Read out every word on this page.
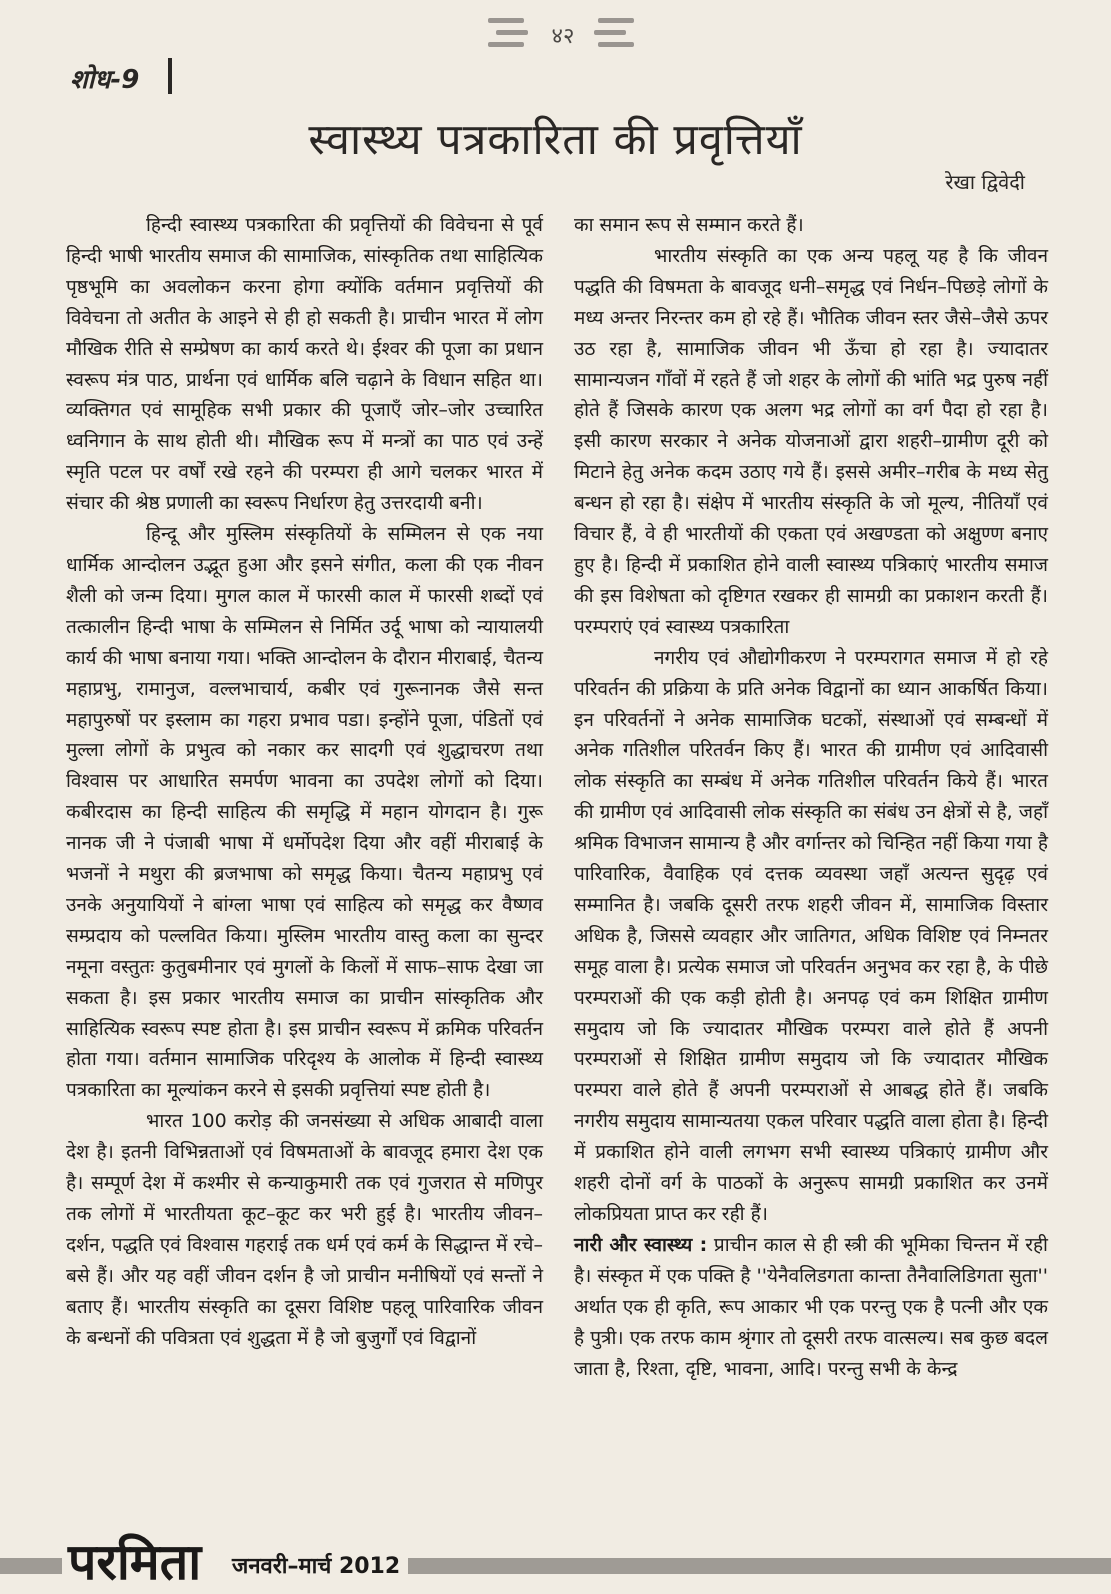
४२
शोध-9
स्वास्थ्य पत्रकारिता की प्रवृत्तियाँ
रेखा द्विवेदी

हिन्दी स्वास्थ्य पत्रकारिता की प्रवृत्तियों की विवेचना से पूर्व हिन्दी भाषी भारतीय समाज की सामाजिक, सांस्कृतिक तथा साहित्यिक पृष्ठभूमि का अवलोकन करना होगा क्योंकि वर्तमान प्रवृत्तियों की विवेचना तो अतीत के आइने से ही हो सकती है। प्राचीन भारत में लोग मौखिक रीति से सम्प्रेषण का कार्य करते थे। ईश्वर की पूजा का प्रधान स्वरूप मंत्र पाठ, प्रार्थना एवं धार्मिक बलि चढ़ाने के विधान सहित था। व्यक्तिगत एवं सामूहिक सभी प्रकार की पूजाएँ जोर–जोर उच्चारित ध्वनिगान के साथ होती थी। मौखिक रूप में मन्त्रों का पाठ एवं उन्हें स्मृति पटल पर वर्षों रखे रहने की परम्परा ही आगे चलकर भारत में संचार की श्रेष्ठ प्रणाली का स्वरूप निर्धारण हेतु उत्तरदायी बनी।

हिन्दू और मुस्लिम संस्कृतियों के सम्मिलन से एक नया धार्मिक आन्दोलन उद्भूत हुआ और इसने संगीत, कला की एक नीवन शैली को जन्म दिया। मुगल काल में फारसी काल में फारसी शब्दों एवं तत्कालीन हिन्दी भाषा के सम्मिलन से निर्मित उर्दू भाषा को न्यायालयी कार्य की भाषा बनाया गया। भक्ति आन्दोलन के दौरान मीराबाई, चैतन्य महाप्रभु, रामानुज, वल्लभाचार्य, कबीर एवं गुरूनानक जैसे सन्त महापुरुषों पर इस्लाम का गहरा प्रभाव पडा। इन्होंने पूजा, पंडितों एवं मुल्ला लोगों के प्रभुत्व को नकार कर सादगी एवं शुद्धाचरण तथा विश्वास पर आधारित समर्पण भावना का उपदेश लोगों को दिया। कबीरदास का हिन्दी साहित्य की समृद्धि में महान योगदान है। गुरू नानक जी ने पंजाबी भाषा में धर्मोपदेश दिया और वहीं मीराबाई के भजनों ने मथुरा की ब्रजभाषा को समृद्ध किया। चैतन्य महाप्रभु एवं उनके अनुयायियों ने बांग्ला भाषा एवं साहित्य को समृद्ध कर वैष्णव सम्प्रदाय को पल्लवित किया। मुस्लिम भारतीय वास्तु कला का सुन्दर नमूना वस्तुतः कुतुबमीनार एवं मुगलों के किलों में साफ–साफ देखा जा सकता है। इस प्रकार भारतीय समाज का प्राचीन सांस्कृतिक और साहित्यिक स्वरूप स्पष्ट होता है। इस प्राचीन स्वरूप में क्रमिक परिवर्तन होता गया। वर्तमान सामाजिक परिदृश्य के आलोक में हिन्दी स्वास्थ्य पत्रकारिता का मूल्यांकन करने से इसकी प्रवृत्तियां स्पष्ट होती है।

भारत 100 करोड़ की जनसंख्या से अधिक आबादी वाला देश है। इतनी विभिन्नताओं एवं विषमताओं के बावजूद हमारा देश एक है। सम्पूर्ण देश में कश्मीर से कन्याकुमारी तक एवं गुजरात से मणिपुर तक लोगों में भारतीयता कूट–कूट कर भरी हुई है। भारतीय जीवन–दर्शन, पद्धति एवं विश्वास गहराई तक धर्म एवं कर्म के सिद्धान्त में रचे–बसे हैं। और यह वहीं जीवन दर्शन है जो प्राचीन मनीषियों एवं सन्तों ने बताए हैं। भारतीय संस्कृति का दूसरा विशिष्ट पहलू पारिवारिक जीवन के बन्धनों की पवित्रता एवं शुद्धता में है जो बुजुर्गों एवं विद्वानों

का समान रूप से सम्मान करते हैं।

भारतीय संस्कृति का एक अन्य पहलू यह है कि जीवन पद्धति की विषमता के बावजूद धनी–समृद्ध एवं निर्धन–पिछड़े लोगों के मध्य अन्तर निरन्तर कम हो रहे हैं। भौतिक जीवन स्तर जैसे–जैसे ऊपर उठ रहा है, सामाजिक जीवन भी ऊँचा हो रहा है। ज्यादातर सामान्यजन गाँवों में रहते हैं जो शहर के लोगों की भांति भद्र पुरुष नहीं होते हैं जिसके कारण एक अलग भद्र लोगों का वर्ग पैदा हो रहा है। इसी कारण सरकार ने अनेक योजनाओं द्वारा शहरी–ग्रामीण दूरी को मिटाने हेतु अनेक कदम उठाए गये हैं। इससे अमीर–गरीब के मध्य सेतु बन्धन हो रहा है। संक्षेप में भारतीय संस्कृति के जो मूल्य, नीतियाँ एवं विचार हैं, वे ही भारतीयों की एकता एवं अखण्डता को अक्षुण्ण बनाए हुए है। हिन्दी में प्रकाशित होने वाली स्वास्थ्य पत्रिकाएं भारतीय समाज की इस विशेषता को दृष्टिगत रखकर ही सामग्री का प्रकाशन करती हैं। परम्पराएं एवं स्वास्थ्य पत्रकारिता

नगरीय एवं औद्योगीकरण ने परम्परागत समाज में हो रहे परिवर्तन की प्रक्रिया के प्रति अनेक विद्वानों का ध्यान आकर्षित किया। इन परिवर्तनों ने अनेक सामाजिक घटकों, संस्थाओं एवं सम्बन्धों में अनेक गतिशील परितर्वन किए हैं। भारत की ग्रामीण एवं आदिवासी लोक संस्कृति का सम्बंध में अनेक गतिशील परिवर्तन किये हैं। भारत की ग्रामीण एवं आदिवासी लोक संस्कृति का संबंध उन क्षेत्रों से है, जहाँ श्रमिक विभाजन सामान्य है और वर्गान्तर को चिन्हित नहीं किया गया है पारिवारिक, वैवाहिक एवं दत्तक व्यवस्था जहाँ अत्यन्त सुदृढ़ एवं सम्मानित है। जबकि दूसरी तरफ शहरी जीवन में, सामाजिक विस्तार अधिक है, जिससे व्यवहार और जातिगत, अधिक विशिष्ट एवं निम्नतर समूह वाला है। प्रत्येक समाज जो परिवर्तन अनुभव कर रहा है, के पीछे परम्पराओं की एक कड़ी होती है। अनपढ़ एवं कम शिक्षित ग्रामीण समुदाय जो कि ज्यादातर मौखिक परम्परा वाले होते हैं अपनी परम्पराओं से शिक्षित ग्रामीण समुदाय जो कि ज्यादातर मौखिक परम्परा वाले होते हैं अपनी परम्पराओं से आबद्ध होते हैं। जबकि नगरीय समुदाय सामान्यतया एकल परिवार पद्धति वाला होता है। हिन्दी में प्रकाशित होने वाली लगभग सभी स्वास्थ्य पत्रिकाएं ग्रामीण और शहरी दोनों वर्ग के पाठकों के अनुरूप सामग्री प्रकाशित कर उनमें लोकप्रियता प्राप्त कर रही हैं।

नारी और स्वास्थ्य : प्राचीन काल से ही स्त्री की भूमिका चिन्तन में रही है। संस्कृत में एक पक्ति है ''येनैवलिडगता कान्ता तैनैवालिडिगता सुता'' अर्थात एक ही कृति, रूप आकार भी एक परन्तु एक है पत्नी और एक है पुत्री। एक तरफ काम श्रृंगार तो दूसरी तरफ वात्सल्य। सब कुछ बदल जाता है, रिश्ता, दृष्टि, भावना, आदि। परन्तु सभी के केन्द्र

परमिता जनवरी–मार्च 2012
